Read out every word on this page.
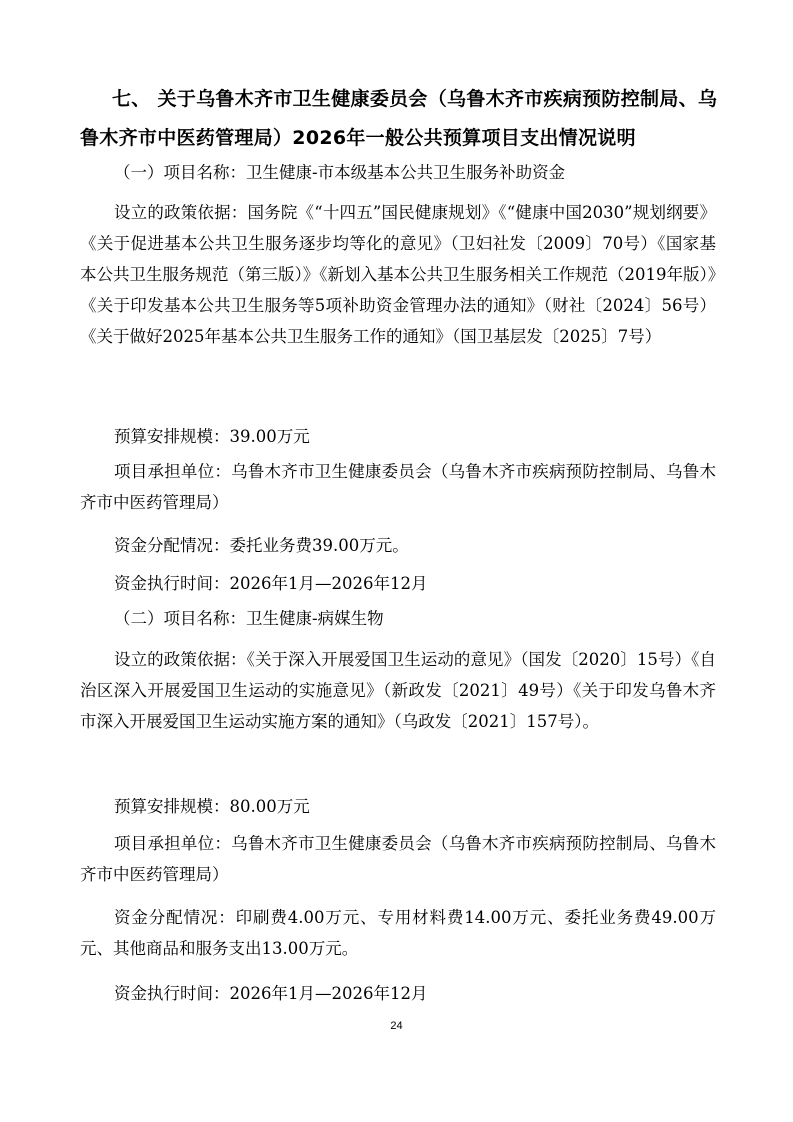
七、 关于乌鲁木齐市卫生健康委员会（乌鲁木齐市疾病预防控制局、乌
鲁木齐市中医药管理局）2026年一般公共预算项目支出情况说明

（一）项目名称：卫生健康-市本级基本公共卫生服务补助资金

设立的政策依据：国务院《“十四五”国民健康规划》《“健康中国2030”规划纲要》《关于促进基本公共卫生服务逐步均等化的意见》（卫妇社发〔2009〕70号）《国家基本公共卫生服务规范（第三版）》《新划入基本公共卫生服务相关工作规范（2019年版）》《关于印发基本公共卫生服务等5项补助资金管理办法的通知》（财社〔2024〕56号）《关于做好2025年基本公共卫生服务工作的通知》（国卫基层发〔2025〕7号）

预算安排规模：39.00万元

项目承担单位：乌鲁木齐市卫生健康委员会（乌鲁木齐市疾病预防控制局、乌鲁木齐市中医药管理局）

资金分配情况：委托业务费39.00万元。

资金执行时间：2026年1月—2026年12月

（二）项目名称：卫生健康-病媒生物

设立的政策依据：《关于深入开展爱国卫生运动的意见》（国发〔2020〕15号）《自治区深入开展爱国卫生运动的实施意见》（新政发〔2021〕49号）《关于印发乌鲁木齐市深入开展爱国卫生运动实施方案的通知》（乌政发〔2021〕157号）。

预算安排规模：80.00万元

项目承担单位：乌鲁木齐市卫生健康委员会（乌鲁木齐市疾病预防控制局、乌鲁木齐市中医药管理局）

资金分配情况：印刷费4.00万元、专用材料费14.00万元、委托业务费49.00万元、其他商品和服务支出13.00万元。

资金执行时间：2026年1月—2026年12月

24
